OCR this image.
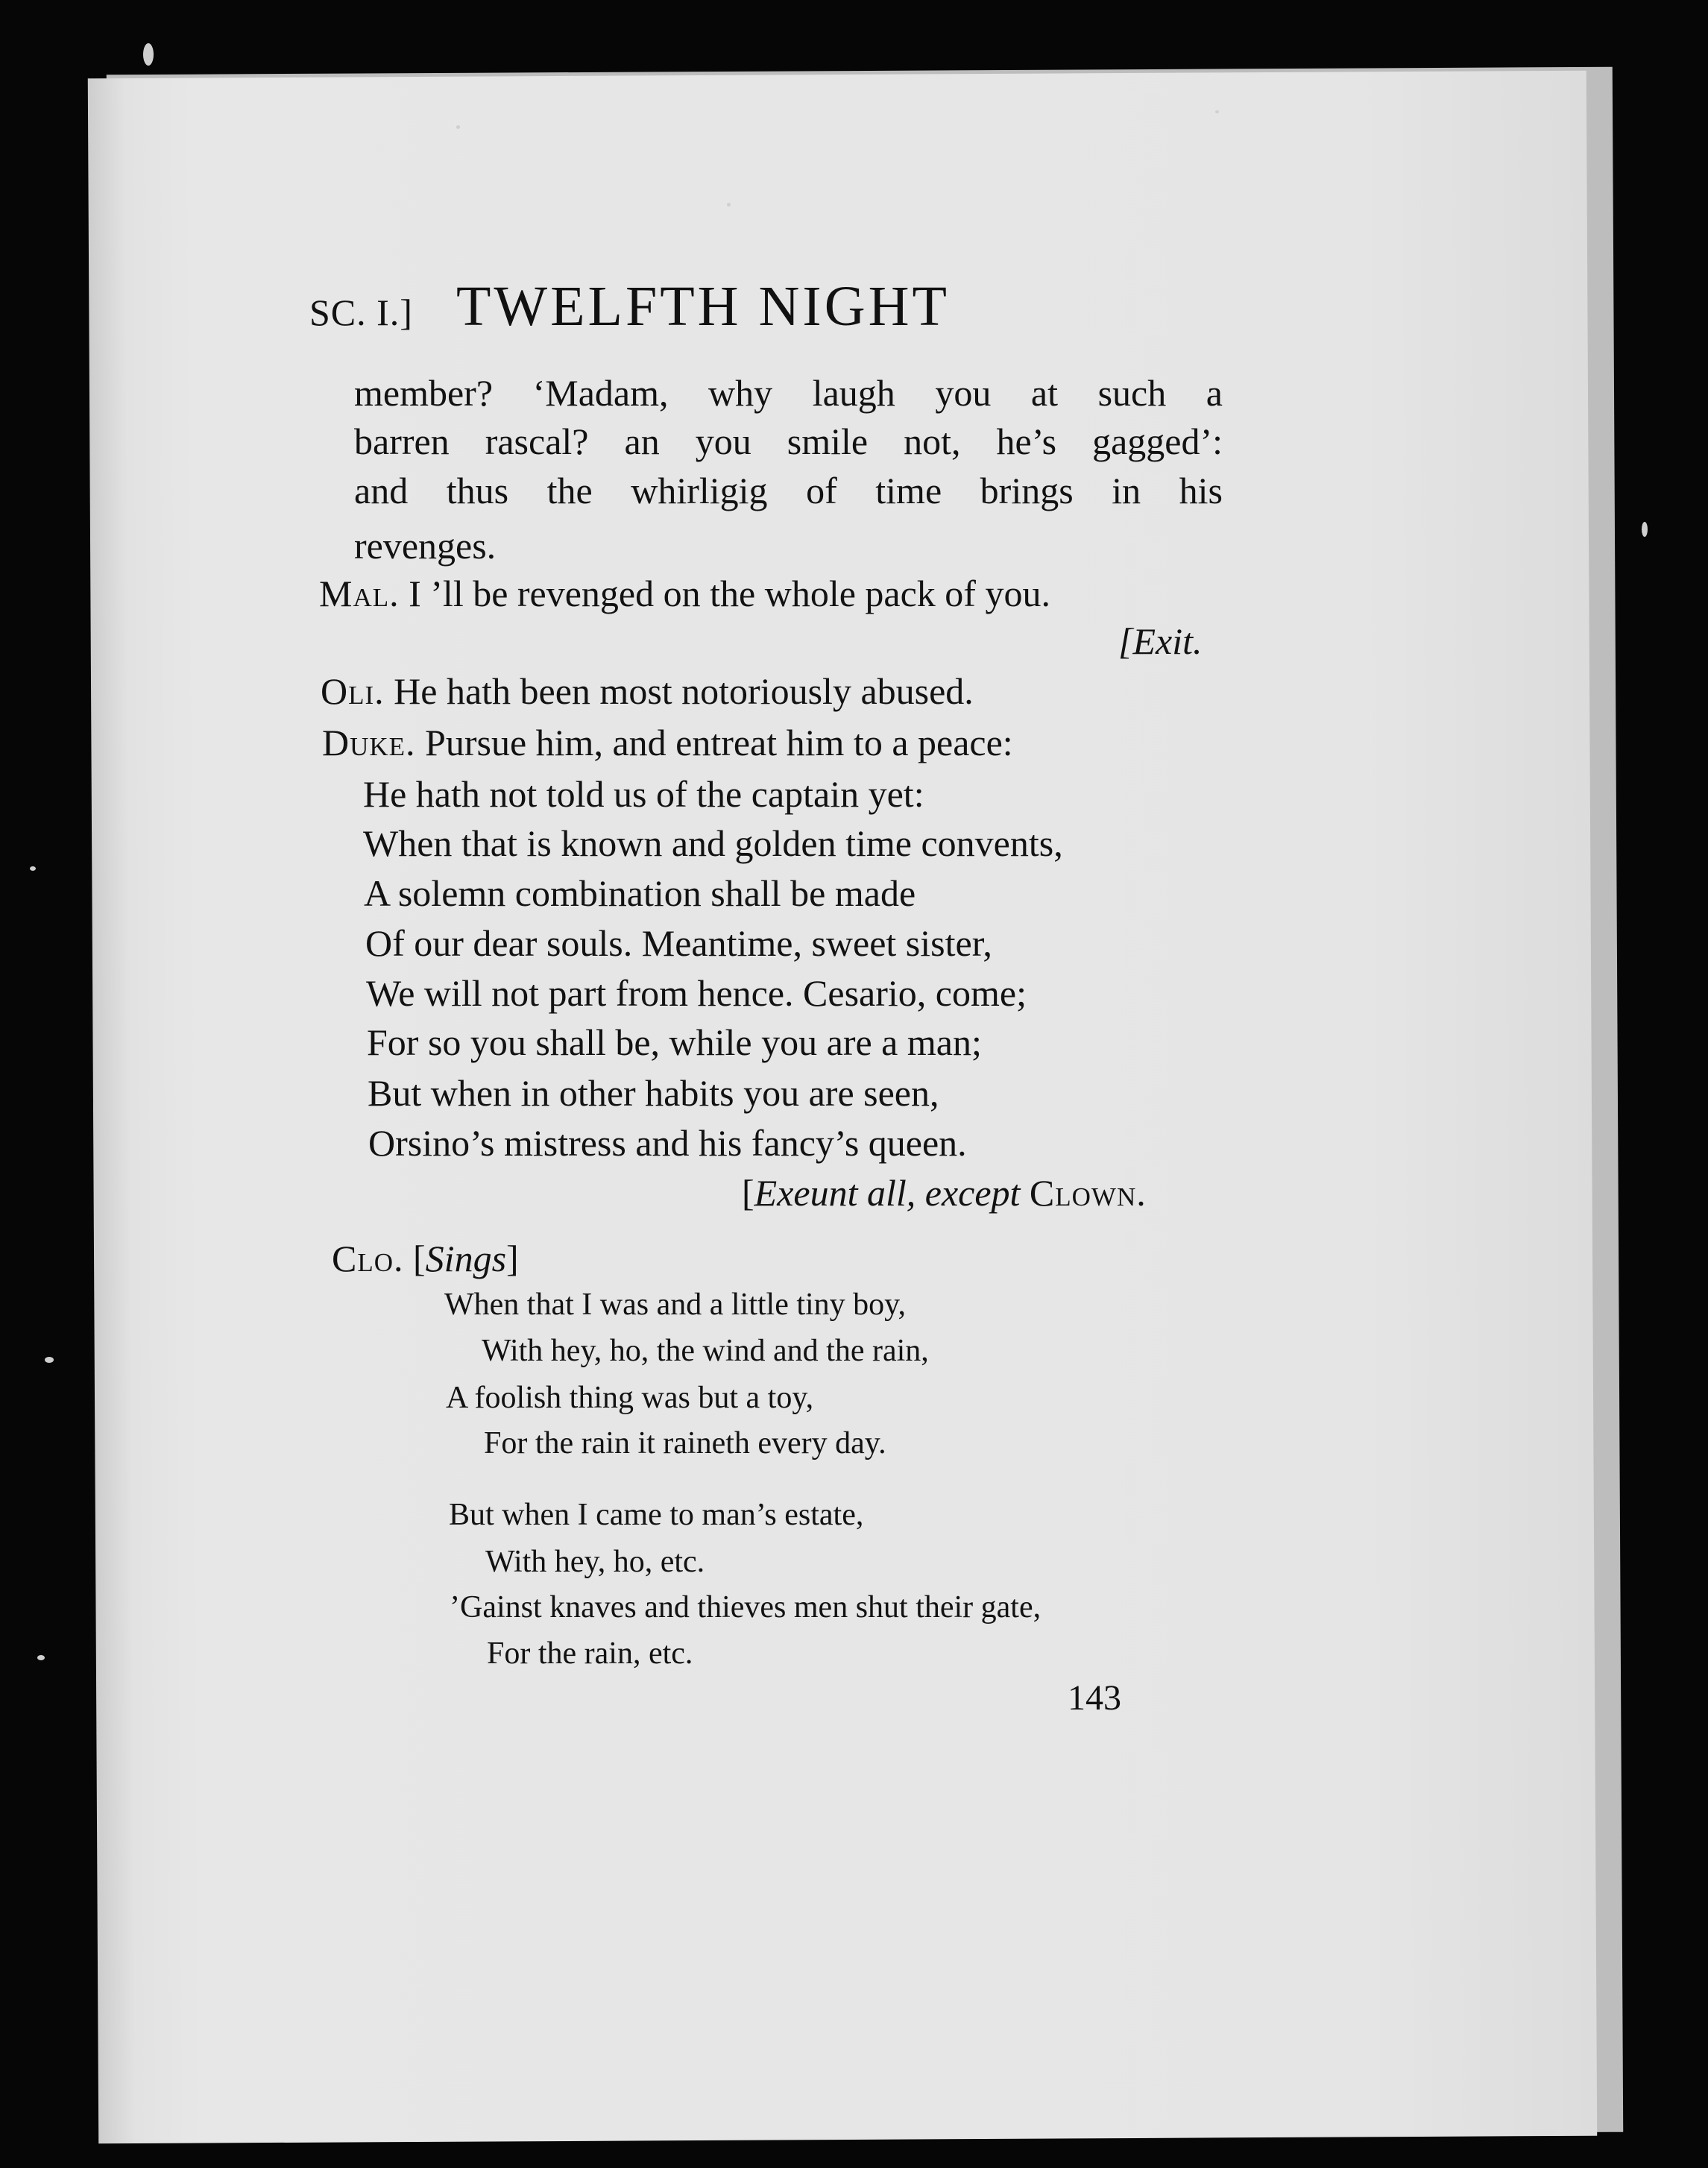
SC. I.] TWELFTH NIGHT
member? ‘Madam, why laugh you at such a
barren rascal? an you smile not, he’s gagged’:
and thus the whirligig of time brings in his
revenges.
Mal. I ’ll be revenged on the whole pack of you.
[Exit.
Oli. He hath been most notoriously abused.
Duke. Pursue him, and entreat him to a peace:
He hath not told us of the captain yet:
When that is known and golden time convents,
A solemn combination shall be made
Of our dear souls. Meantime, sweet sister,
We will not part from hence. Cesario, come;
For so you shall be, while you are a man;
But when in other habits you are seen,
Orsino’s mistress and his fancy’s queen.
[Exeunt all, except Clown.
Clo. [Sings]
When that I was and a little tiny boy,
With hey, ho, the wind and the rain,
A foolish thing was but a toy,
For the rain it raineth every day.
But when I came to man’s estate,
With hey, ho, etc.
’Gainst knaves and thieves men shut their gate,
For the rain, etc.
143
